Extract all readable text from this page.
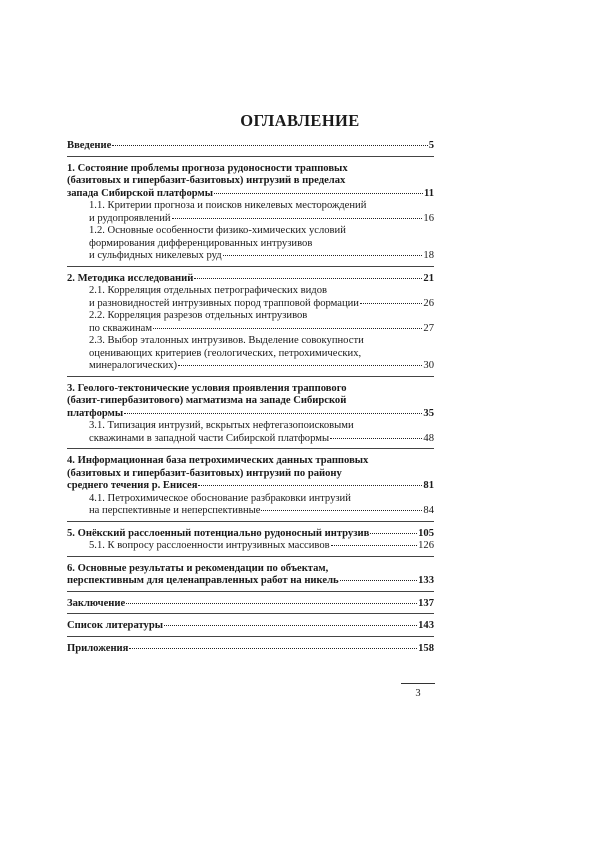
ОГЛАВЛЕНИЕ
Введение	5
1. Состояние проблемы прогноза рудоносности трапповых
(базитовых и гипербазит-базитовых) интрузий в пределах
запада Сибирской платформы	11
1.1. Критерии прогноза и поисков никелевых месторождений
и рудопроявлений	16
1.2. Основные особенности физико-химических условий
формирования дифференцированных интрузивов
и сульфидных никелевых руд	18
2. Методика исследований	21
2.1. Корреляция отдельных петрографических видов
и разновидностей интрузивных пород трапповой формации	26
2.2. Корреляция разрезов отдельных интрузивов
по скважинам	27
2.3. Выбор эталонных интрузивов. Выделение совокупности
оценивающих критериев (геологических, петрохимических,
минералогических)	30
3. Геолого-тектонические условия проявления траппового
(базит-гипербазитового) магматизма на западе Сибирской
платформы	35
3.1. Типизация интрузий, вскрытых нефтегазопоисковыми
скважинами в западной части Сибирской платформы	48
4. Информационная база петрохимических данных трапповых
(базитовых и гипербазит-базитовых) интрузий по району
среднего течения р. Енисея	81
4.1. Петрохимическое обоснование разбраковки интрузий
на перспективные и неперспективные	84
5. Онёкский расслоенный потенциально рудоносный интрузив	105
5.1. К вопросу расслоенности интрузивных массивов	126
6. Основные результаты и рекомендации по объектам,
перспективным для целенаправленных работ на никель	133
Заключение	137
Список литературы	143
Приложения	158
3
